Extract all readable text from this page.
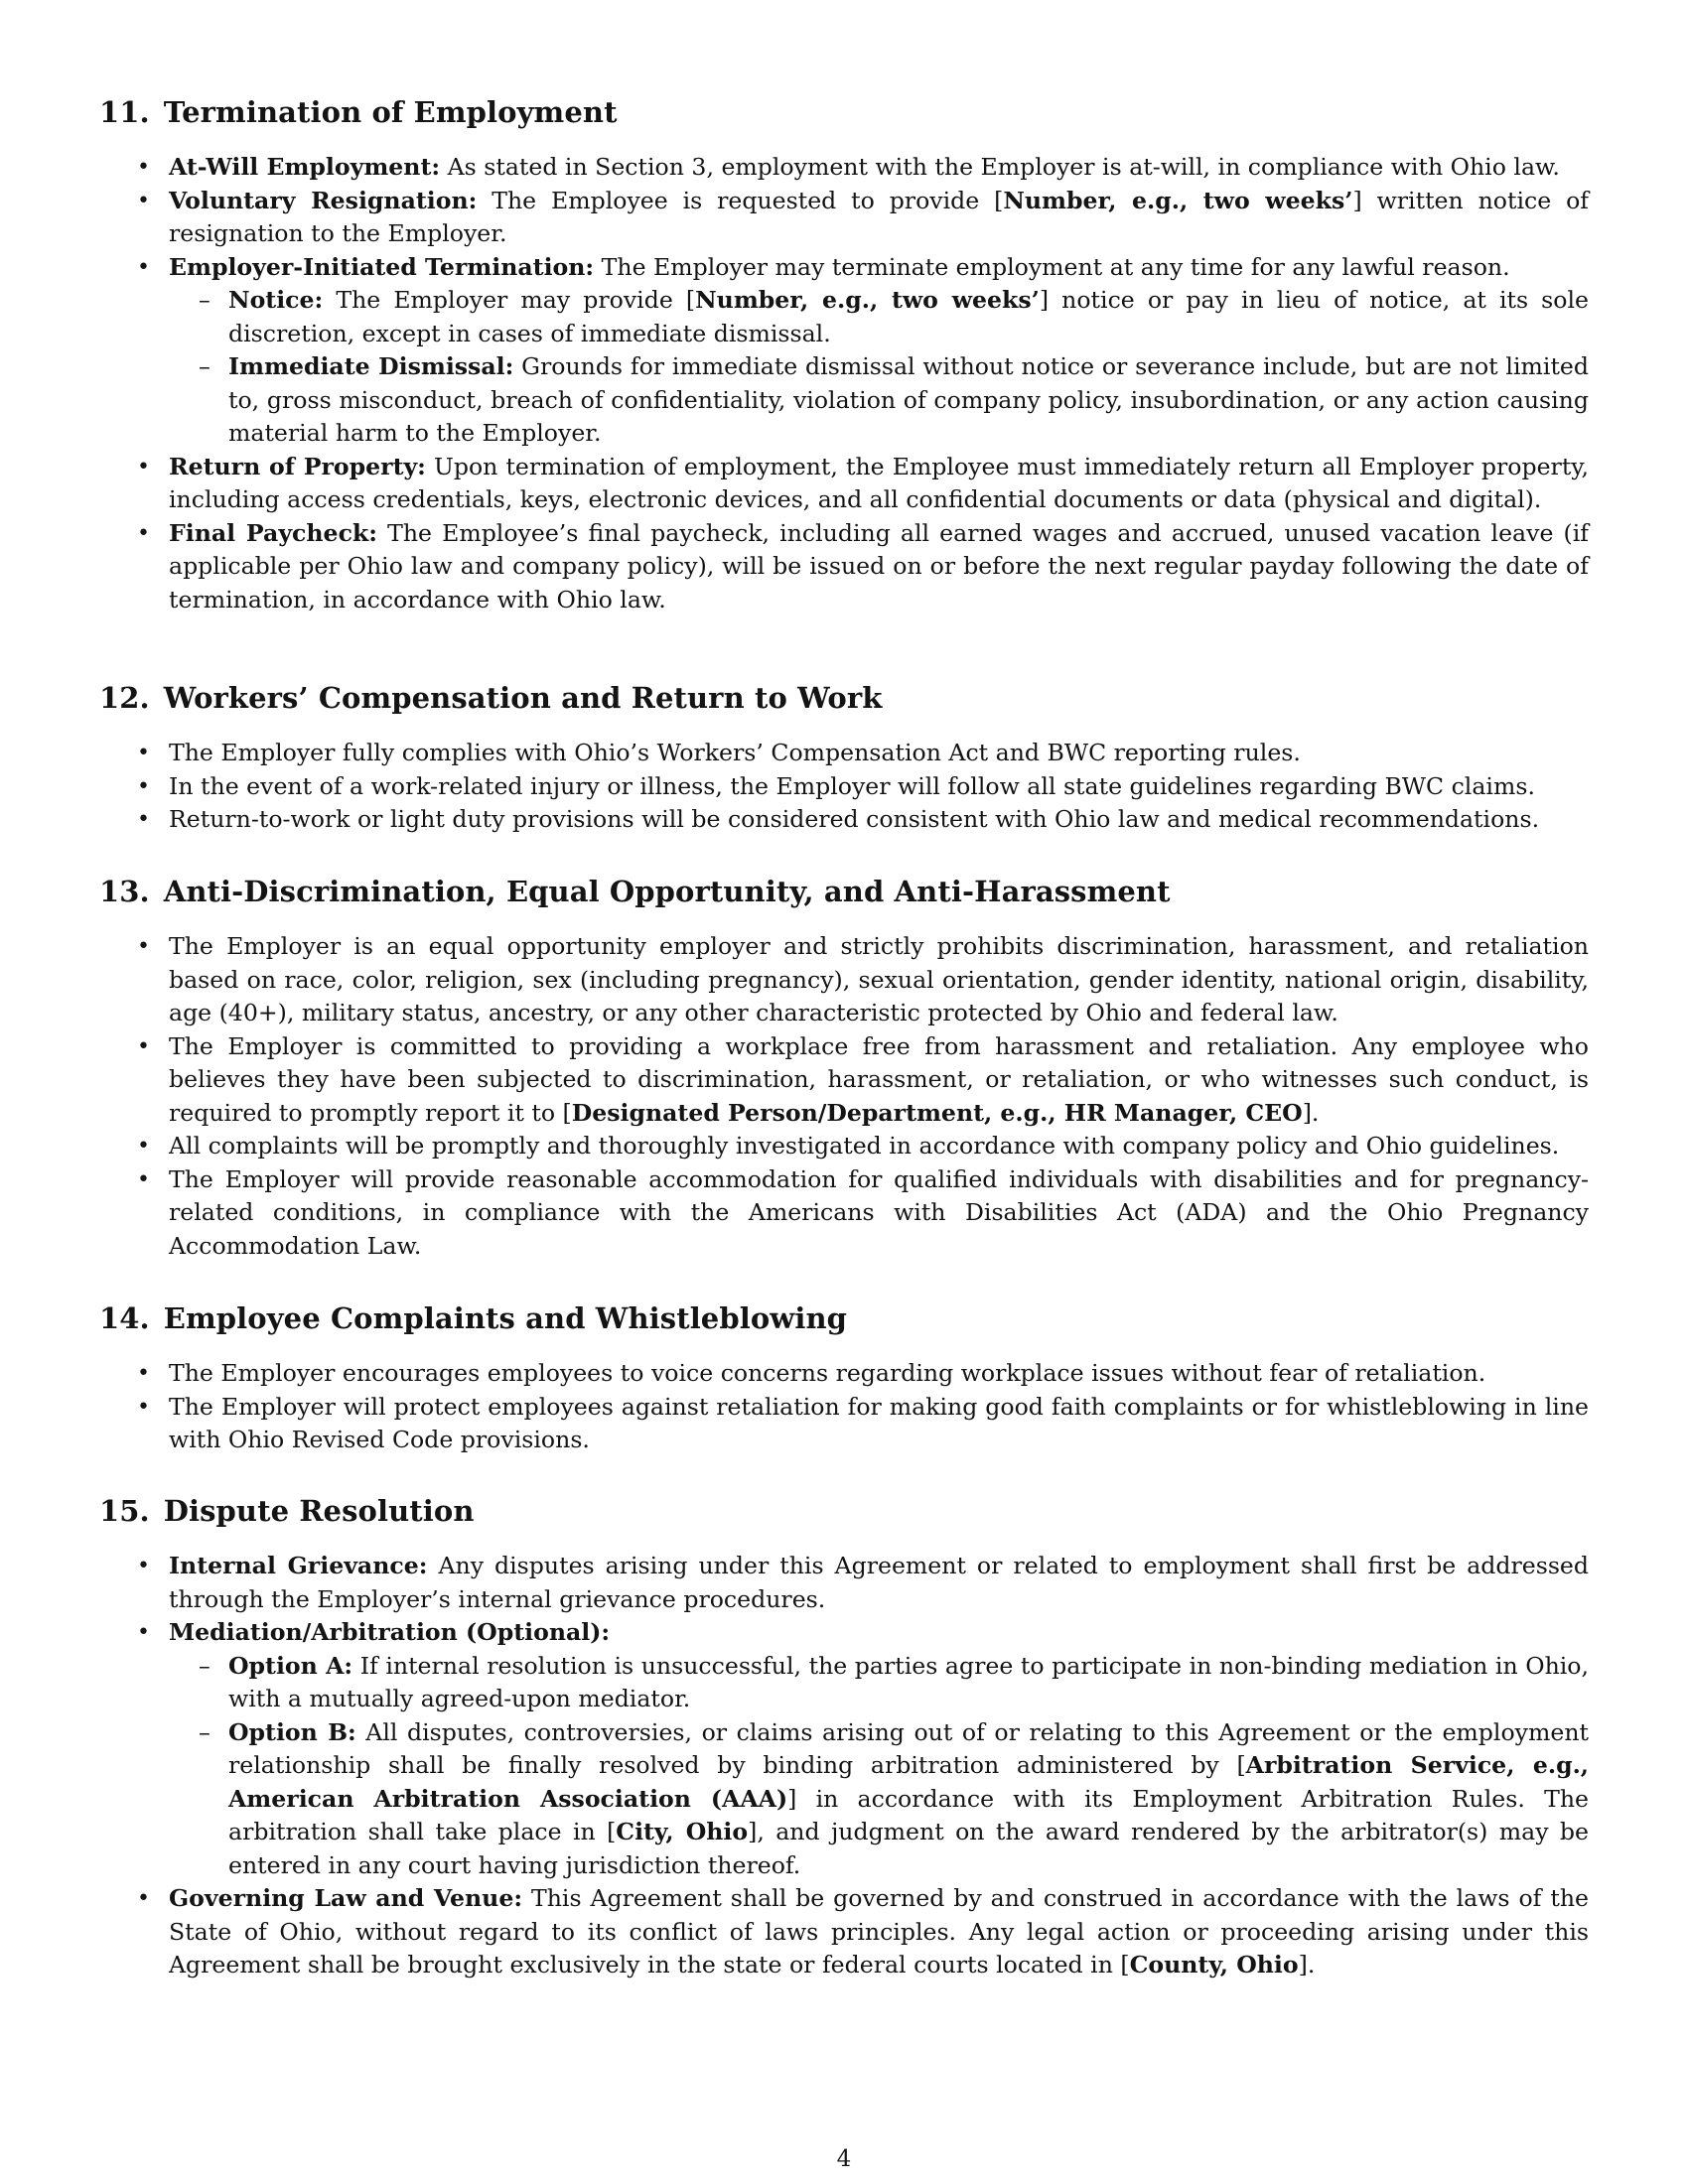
11. Termination of Employment
• At-Will Employment: As stated in Section 3, employment with the Employer is at-will, in compliance with Ohio law.
• Voluntary Resignation: The Employee is requested to provide [Number, e.g., two weeks’] written notice of resignation to the Employer.
• Employer-Initiated Termination: The Employer may terminate employment at any time for any lawful reason.
– Notice: The Employer may provide [Number, e.g., two weeks’] notice or pay in lieu of notice, at its sole discretion, except in cases of immediate dismissal.
– Immediate Dismissal: Grounds for immediate dismissal without notice or severance include, but are not limited to, gross misconduct, breach of confidentiality, violation of company policy, insubordination, or any action causing material harm to the Employer.
• Return of Property: Upon termination of employment, the Employee must immediately return all Employer property, including access credentials, keys, electronic devices, and all confidential documents or data (physical and digital).
• Final Paycheck: The Employee’s final paycheck, including all earned wages and accrued, unused vacation leave (if applicable per Ohio law and company policy), will be issued on or before the next regular payday following the date of termination, in accordance with Ohio law.
12. Workers’ Compensation and Return to Work
• The Employer fully complies with Ohio’s Workers’ Compensation Act and BWC reporting rules.
• In the event of a work-related injury or illness, the Employer will follow all state guidelines regarding BWC claims.
• Return-to-work or light duty provisions will be considered consistent with Ohio law and medical recommendations.
13. Anti-Discrimination, Equal Opportunity, and Anti-Harassment
• The Employer is an equal opportunity employer and strictly prohibits discrimination, harassment, and retaliation based on race, color, religion, sex (including pregnancy), sexual orientation, gender identity, national origin, disability, age (40+), military status, ancestry, or any other characteristic protected by Ohio and federal law.
• The Employer is committed to providing a workplace free from harassment and retaliation. Any employee who believes they have been subjected to discrimination, harassment, or retaliation, or who witnesses such conduct, is required to promptly report it to [Designated Person/Department, e.g., HR Manager, CEO].
• All complaints will be promptly and thoroughly investigated in accordance with company policy and Ohio guidelines.
• The Employer will provide reasonable accommodation for qualified individuals with disabilities and for pregnancy-related conditions, in compliance with the Americans with Disabilities Act (ADA) and the Ohio Pregnancy Accommodation Law.
14. Employee Complaints and Whistleblowing
• The Employer encourages employees to voice concerns regarding workplace issues without fear of retaliation.
• The Employer will protect employees against retaliation for making good faith complaints or for whistleblowing in line with Ohio Revised Code provisions.
15. Dispute Resolution
• Internal Grievance: Any disputes arising under this Agreement or related to employment shall first be addressed through the Employer’s internal grievance procedures.
• Mediation/Arbitration (Optional):
– Option A: If internal resolution is unsuccessful, the parties agree to participate in non-binding mediation in Ohio, with a mutually agreed-upon mediator.
– Option B: All disputes, controversies, or claims arising out of or relating to this Agreement or the employment relationship shall be finally resolved by binding arbitration administered by [Arbitration Service, e.g., American Arbitration Association (AAA)] in accordance with its Employment Arbitration Rules. The arbitration shall take place in [City, Ohio], and judgment on the award rendered by the arbitrator(s) may be entered in any court having jurisdiction thereof.
• Governing Law and Venue: This Agreement shall be governed by and construed in accordance with the laws of the State of Ohio, without regard to its conflict of laws principles. Any legal action or proceeding arising under this Agreement shall be brought exclusively in the state or federal courts located in [County, Ohio].
4
